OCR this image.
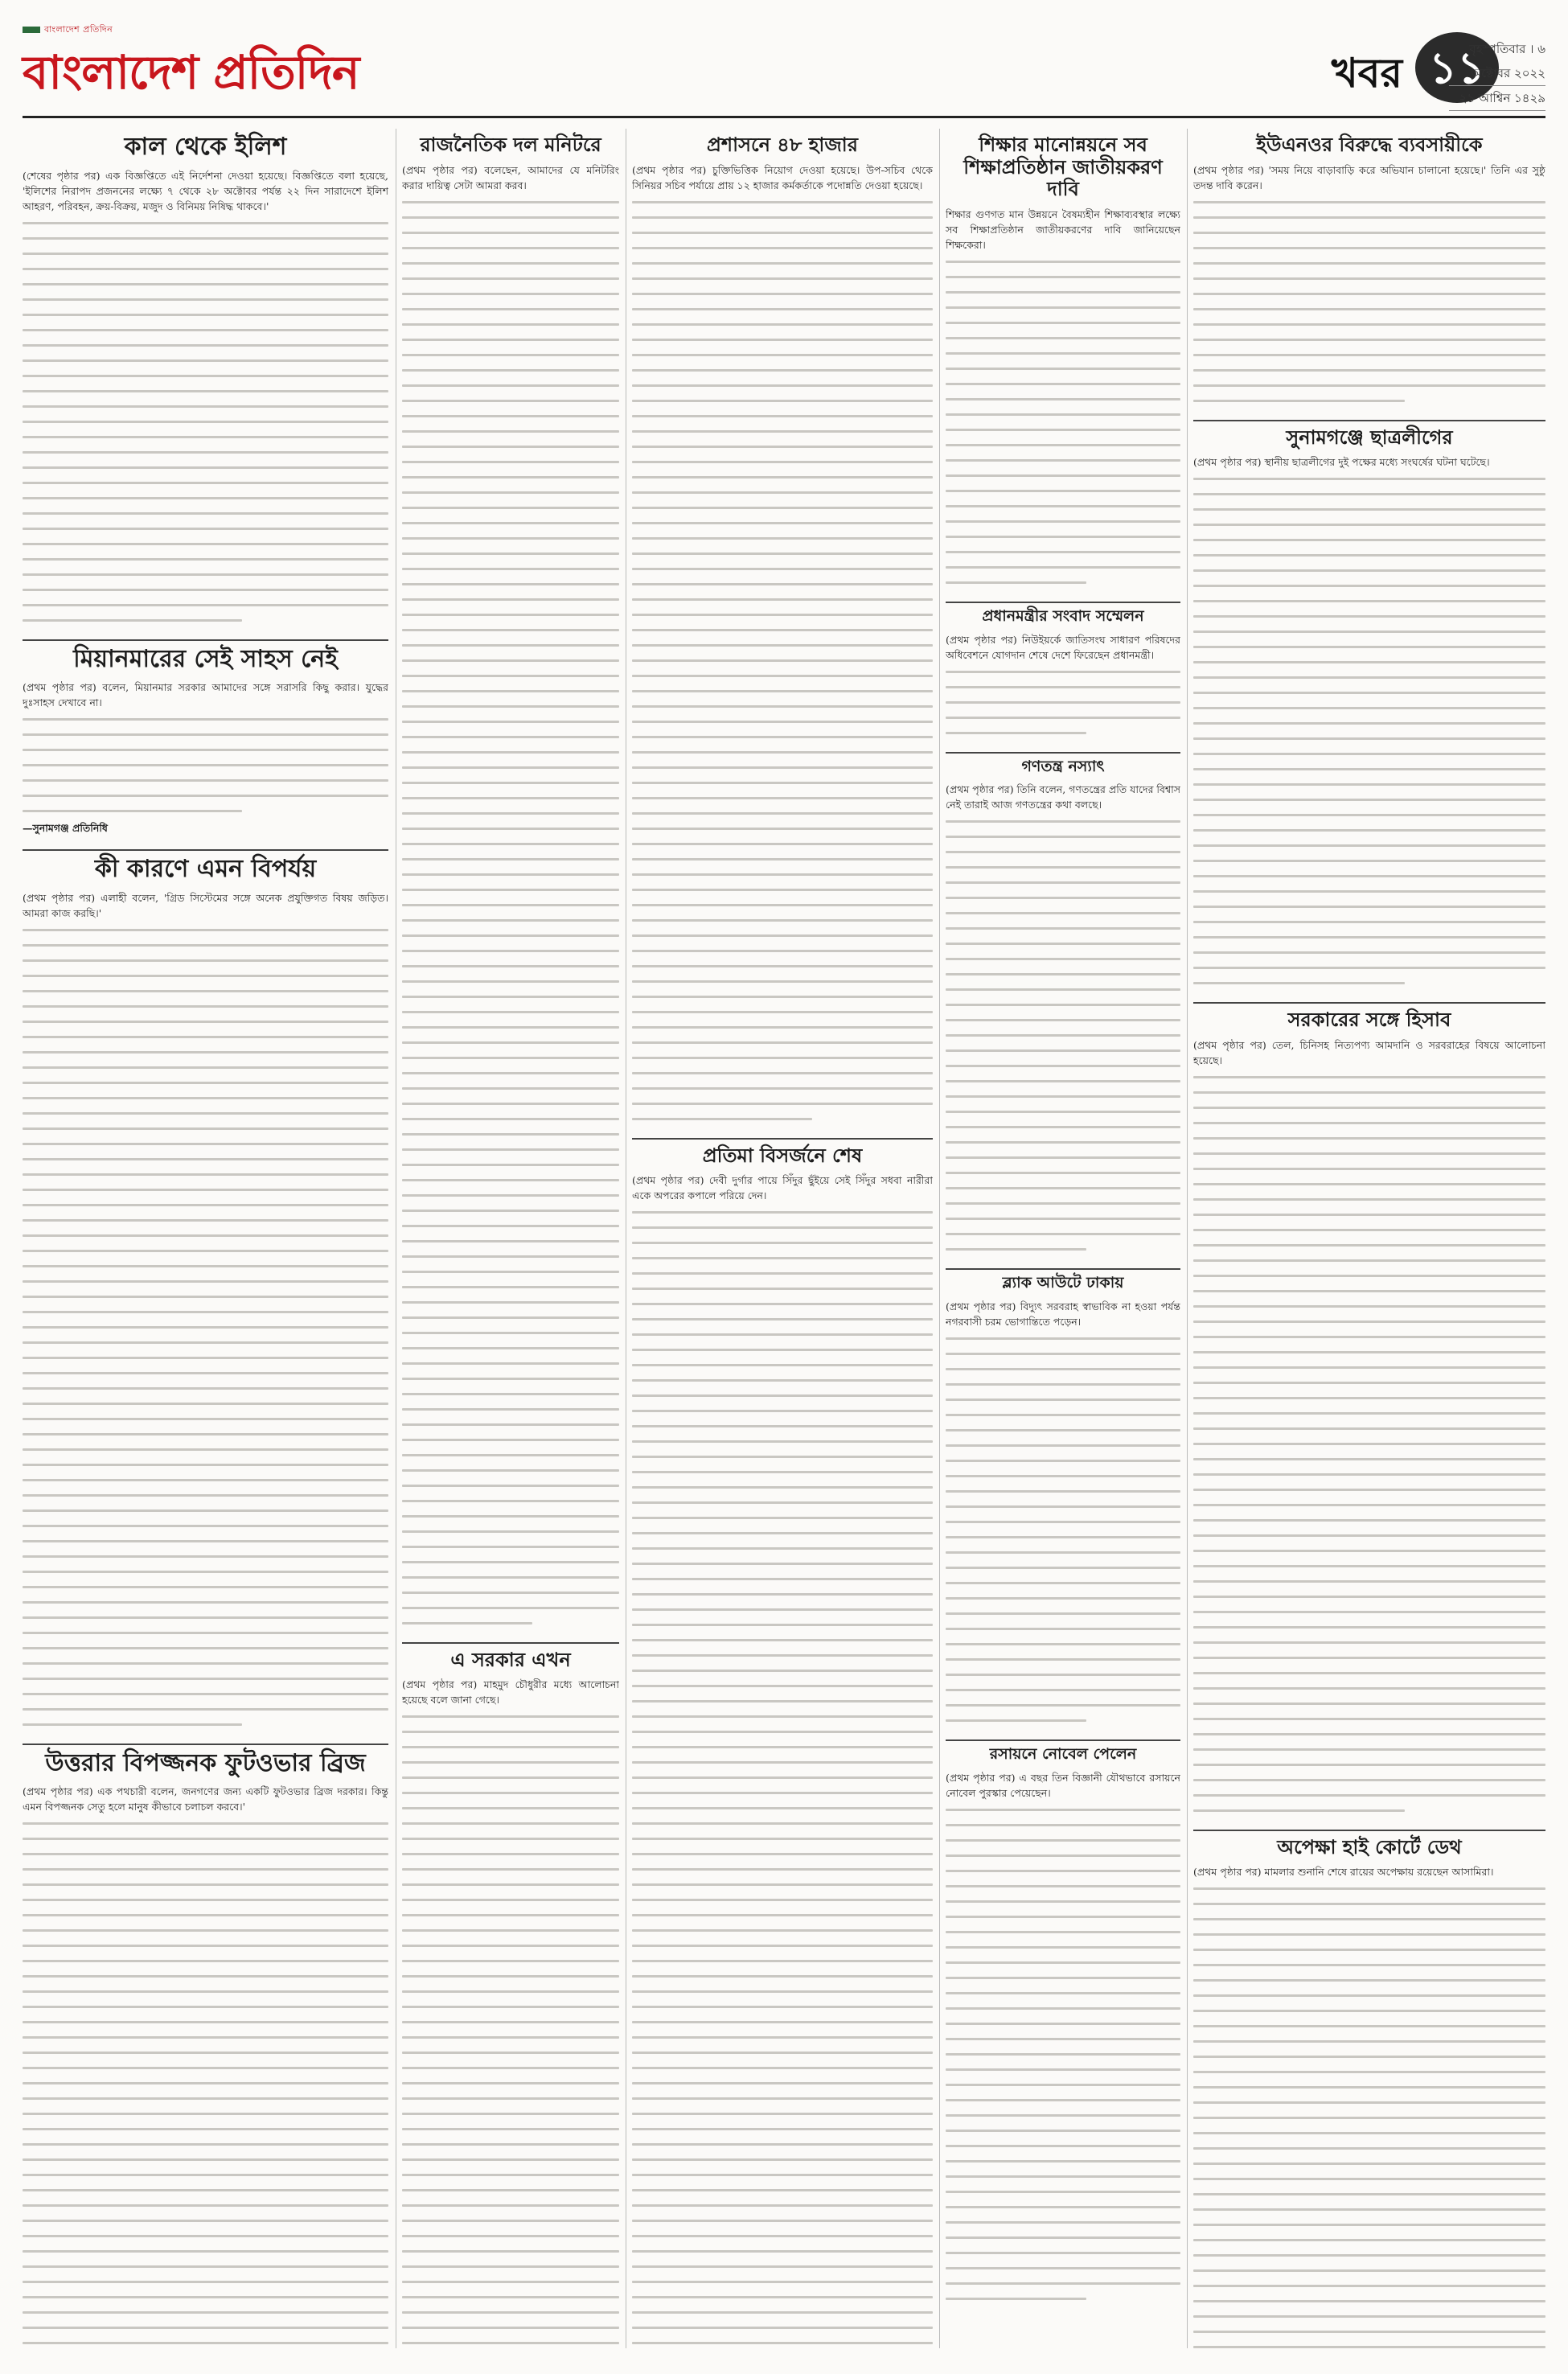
বাংলাদেশ প্রতিদিন
বাংলাদেশ প্রতিদিন	খবর ১১
বৃহস্পতিবার । ৬ অক্টোবর ২০২২
২১ আশ্বিন ১৪২৯
কাল থেকে ইলিশ
(শেষের পৃষ্ঠার পর) এক বিজ্ঞপ্তিতে এই নির্দেশনা দেওয়া হয়েছে। বিজ্ঞপ্তিতে বলা হয়েছে, 'ইলিশের নিরাপদ প্রজননের লক্ষ্যে ৭ থেকে ২৮ অক্টোবর পর্যন্ত ২২ দিন সারাদেশে ইলিশ আহরণ, পরিবহন, ক্রয়-বিক্রয়, মজুদ ও বিনিময় নিষিদ্ধ থাকবে।'
মিয়ানমারের সেই সাহস নেই
(প্রথম পৃষ্ঠার পর) বলেন, মিয়ানমার সরকার আমাদের সঙ্গে সরাসরি কিছু করার। যুদ্ধের দুঃসাহস দেখাবে না।
—সুনামগঞ্জ প্রতিনিধি
কী কারণে এমন বিপর্যয়
(প্রথম পৃষ্ঠার পর) এলাহী বলেন, 'গ্রিড সিস্টেমের সঙ্গে অনেক প্রযুক্তিগত বিষয় জড়িত। আমরা কাজ করছি।'
উত্তরার বিপজ্জনক ফুটওভার ব্রিজ
(প্রথম পৃষ্ঠার পর) এক পথচারী বলেন, জনগণের জন্য একটি ফুটওভার ব্রিজ দরকার। কিন্তু এমন বিপজ্জনক সেতু হলে মানুষ কীভাবে চলাচল করবে।'
রাজনৈতিক দল মনিটরে
(প্রথম পৃষ্ঠার পর) বলেছেন, আমাদের যে মনিটরিং করার দায়িত্ব সেটা আমরা করব।
এ সরকার এখন
(প্রথম পৃষ্ঠার পর) মাহমুদ চৌধুরীর মধ্যে আলোচনা হয়েছে বলে জানা গেছে।
প্রশাসনে ৪৮ হাজার
(প্রথম পৃষ্ঠার পর) চুক্তিভিত্তিক নিয়োগ দেওয়া হয়েছে। উপ-সচিব থেকে সিনিয়র সচিব পর্যায়ে প্রায় ১২ হাজার কর্মকর্তাকে পদোন্নতি দেওয়া হয়েছে।
প্রতিমা বিসর্জনে শেষ
(প্রথম পৃষ্ঠার পর) দেবী দুর্গার পায়ে সিঁদুর ছুঁইয়ে সেই সিঁদুর সধবা নারীরা একে অপরের কপালে পরিয়ে দেন।
শিক্ষার মানোন্নয়নে সব শিক্ষাপ্রতিষ্ঠান জাতীয়করণ দাবি
শিক্ষার গুণগত মান উন্নয়নে বৈষম্যহীন শিক্ষাব্যবস্থার লক্ষ্যে সব শিক্ষাপ্রতিষ্ঠান জাতীয়করণের দাবি জানিয়েছেন শিক্ষকেরা।
প্রধানমন্ত্রীর সংবাদ সম্মেলন
(প্রথম পৃষ্ঠার পর) নিউইয়র্কে জাতিসংঘ সাধারণ পরিষদের অধিবেশনে যোগদান শেষে দেশে ফিরেছেন প্রধানমন্ত্রী।
গণতন্ত্র নস্যাৎ
(প্রথম পৃষ্ঠার পর) তিনি বলেন, গণতন্ত্রের প্রতি যাদের বিশ্বাস নেই তারাই আজ গণতন্ত্রের কথা বলছে।
ব্ল্যাক আউটে ঢাকায়
(প্রথম পৃষ্ঠার পর) বিদ্যুৎ সরবরাহ স্বাভাবিক না হওয়া পর্যন্ত নগরবাসী চরম ভোগান্তিতে পড়েন।
রসায়নে নোবেল পেলেন
(প্রথম পৃষ্ঠার পর) এ বছর তিন বিজ্ঞানী যৌথভাবে রসায়নে নোবেল পুরস্কার পেয়েছেন।
ইউএনওর বিরুদ্ধে ব্যবসায়ীকে
(প্রথম পৃষ্ঠার পর) 'সময় নিয়ে বাড়াবাড়ি করে অভিযান চালানো হয়েছে।' তিনি এর সুষ্ঠু তদন্ত দাবি করেন।
সুনামগঞ্জে ছাত্রলীগের
(প্রথম পৃষ্ঠার পর) স্থানীয় ছাত্রলীগের দুই পক্ষের মধ্যে সংঘর্ষের ঘটনা ঘটেছে।
সরকারের সঙ্গে হিসাব
(প্রথম পৃষ্ঠার পর) তেল, চিনিসহ নিত্যপণ্য আমদানি ও সরবরাহের বিষয়ে আলোচনা হয়েছে।
অপেক্ষা হাই কোর্টে ডেথ
(প্রথম পৃষ্ঠার পর) মামলার শুনানি শেষে রায়ের অপেক্ষায় রয়েছেন আসামিরা।
